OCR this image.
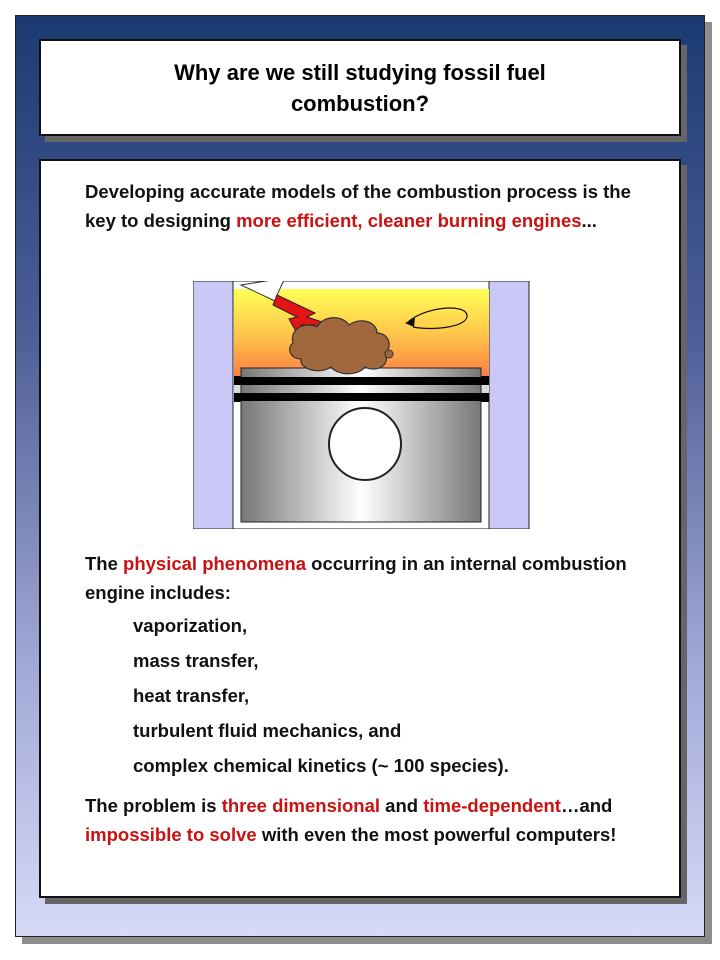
Why are we still studying fossil fuel
combustion?
Developing accurate models of the combustion process is the key to designing more efficient, cleaner burning engines...
The physical phenomena occurring in an internal combustion engine includes:
vaporization,
mass transfer,
heat transfer,
turbulent fluid mechanics, and
complex chemical kinetics (~ 100 species).
The problem is three dimensional and time-dependent…and impossible to solve with even the most powerful computers!
